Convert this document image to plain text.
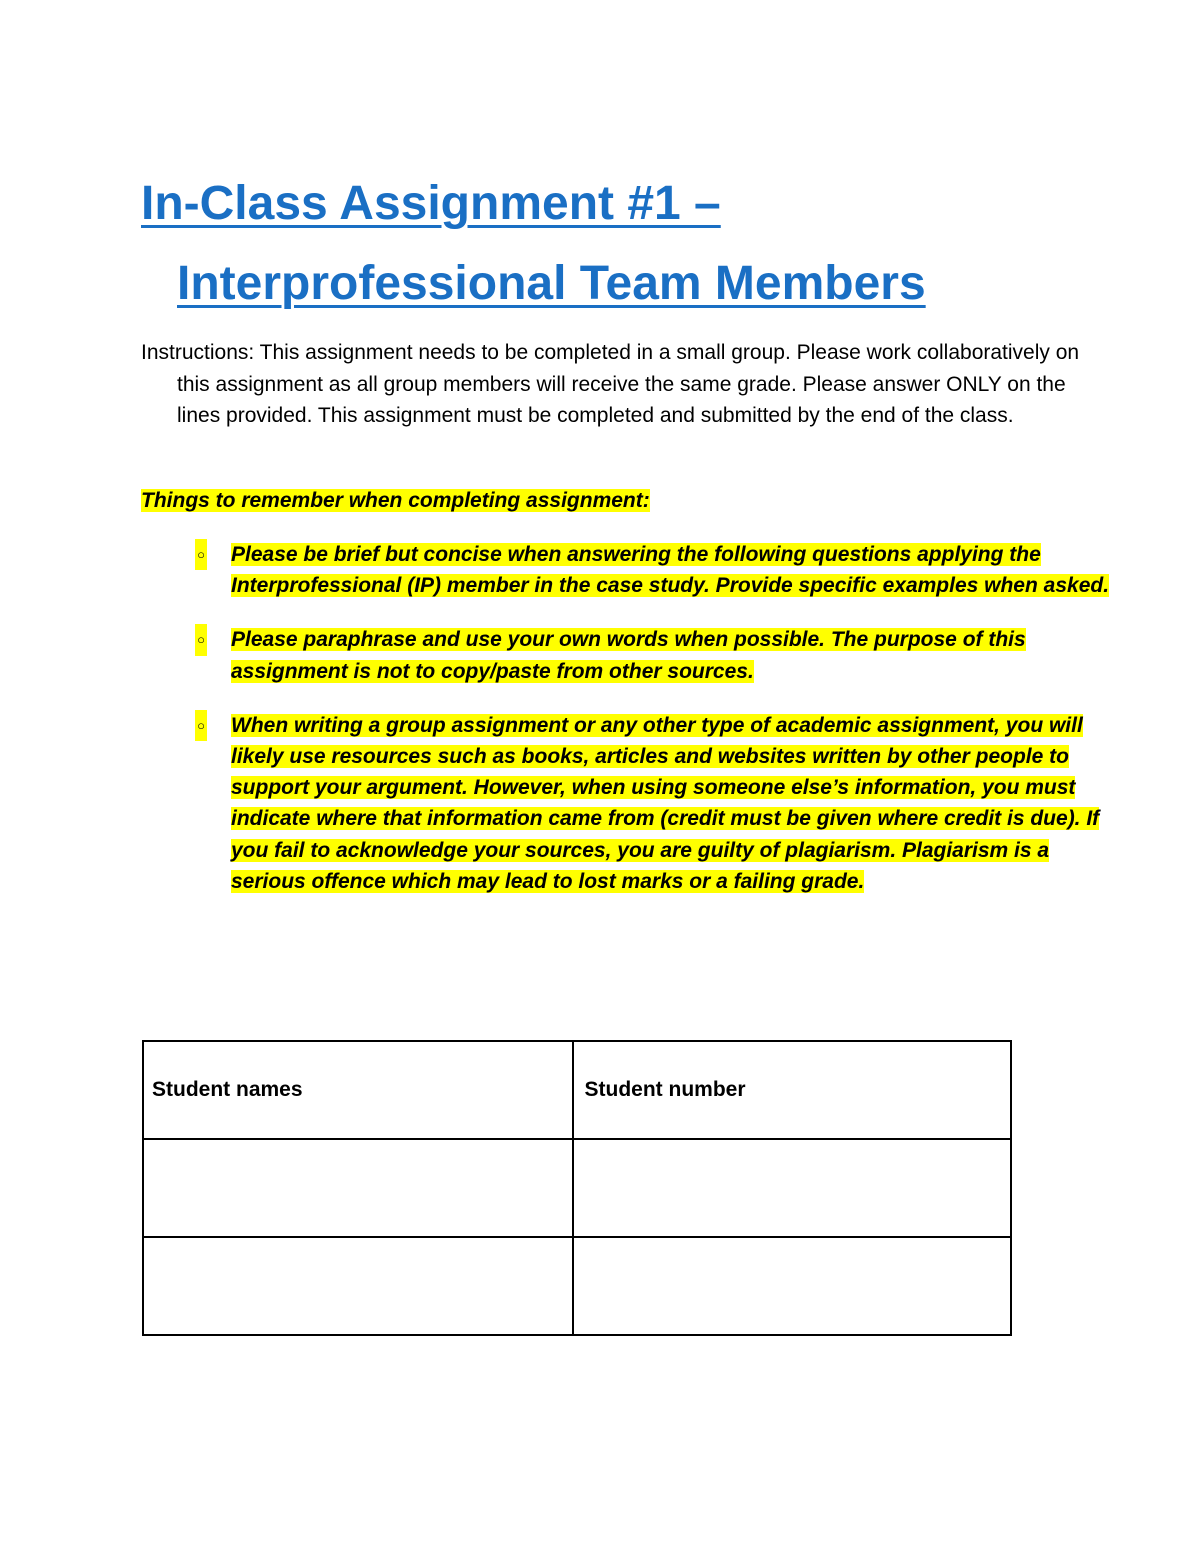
In-Class Assignment #1 –
Interprofessional Team Members

Instructions: This assignment needs to be completed in a small group. Please work collaboratively on this assignment as all group members will receive the same grade. Please answer ONLY on the lines provided. This assignment must be completed and submitted by the end of the class.

Things to remember when completing assignment:

○ Please be brief but concise when answering the following questions applying the Interprofessional (IP) member in the case study. Provide specific examples when asked.
○ Please paraphrase and use your own words when possible. The purpose of this assignment is not to copy/paste from other sources.
○ When writing a group assignment or any other type of academic assignment, you will likely use resources such as books, articles and websites written by other people to support your argument. However, when using someone else’s information, you must indicate where that information came from (credit must be given where credit is due). If you fail to acknowledge your sources, you are guilty of plagiarism. Plagiarism is a serious offence which may lead to lost marks or a failing grade.
Student names	Student number
